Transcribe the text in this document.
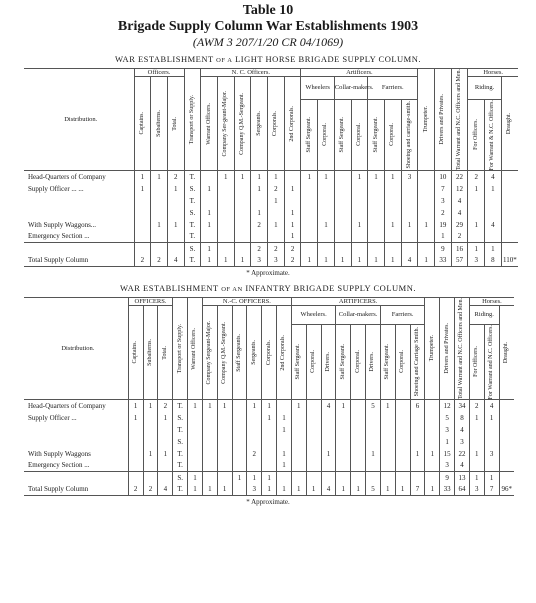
Table 10
Brigade Supply Column War Establishments 1903
(AWM 3 207/1/20 CR 04/1069)
WAR ESTABLISHMENT OF A LIGHT HORSE BRIGADE SUPPLY COLUMN.
Distribution.	Officers.			Transport or Supply.	N. C. Officers.						Artificers.							Trumpeter.	Drivers and Privates.	Total Warrant and N.C. Officers and Men.	Horses.		

	Captains.	Subalterns.	Total.		Warrant Officers.	Company Ser-geant-Major.	Company Q.M.-Sergeant.	Sergeants.	Corporals.	2nd Corporals.	Wheelers		Collar-makers.		Farriers.						Riding.		Draught.

											Staff Sergeant.	Corporal.	Staff Sergeant.	Corporal.	Staff Sergeant.	Corporal.	Shoeing and carriage-smith.				For Officers.	For Warrant & N.C. Officers.	

Head-Quarters of Company	1	1	2	T.		1	1	1	1		1	1		1	1	1	3		10	22	2	4	
Supply Officer ... ...	1		1	S.	1			1	2	1									7	12	1	1	
				T.					1										3	4			
				S.	1			1		1									2	4			
With Supply Waggons...		1	1	T.	1			2	1	1		1		1		1	1	1	19	29	1	4	
Emergency Section ...				T.						1									1	2			
				S.	1			2	2	2									9	16	1	1	
Total Supply Column	2	2	4	T.	1	1	1	3	3	2	1	1	1	1	1	1	4	1	33	57	3	8	110*
* Approximate.
WAR ESTABLISHMENT OF AN INFANTRY BRIGADE SUPPLY COLUMN.
Distribution.	OFFICERS.			Transport or Supply.	Warrant Officers.	N.-C. OFFICERS.						ARTIFICERS.									Trumpeter.	Drivers and Privates.	Total Warrant and N.C. Officers and Men.	Horses.		

	Captains.	Subalterns.	Total.			Company Sergeant-Major.	Company Q.M.-Sergeant.	Staff Sergeants.	Sergeants.	Corporals.	2nd Corporals.	Wheelers.			Collar-makers.			Farriers.						Riding.		Draught.

												Staff Sergeant.	Corporal.	Drivers.	Staff Sergeant.	Corporal.	Drivers.	Staff Sergeant.	Corporal.	Shoeing and Carriage Smith.				For Officers.	For Warrant and N.C. Officers.	

Head-Quarters of Company	1	1	2	T.	1	1	1		1	1		1		4	1		5	1		6		12	34	2	4	
Supply Officer ...	1		1	S.						1	1											5	8	1	1	
				T.							1											3	4			
				S.																		1	3			
With Supply Waggons		1	1	T.					2		1			1			1			1	1	15	22	1	3	
Emergency Section ...				T.							1											3	4			
				S.	1			1	1	1												9	13	1	1	
Total Supply Column	2	2	4	T.	1	1	1		3	1	1	1	1	4	1	1	5	1	1	7	1	33	64	3	7	96*
* Approximate.
